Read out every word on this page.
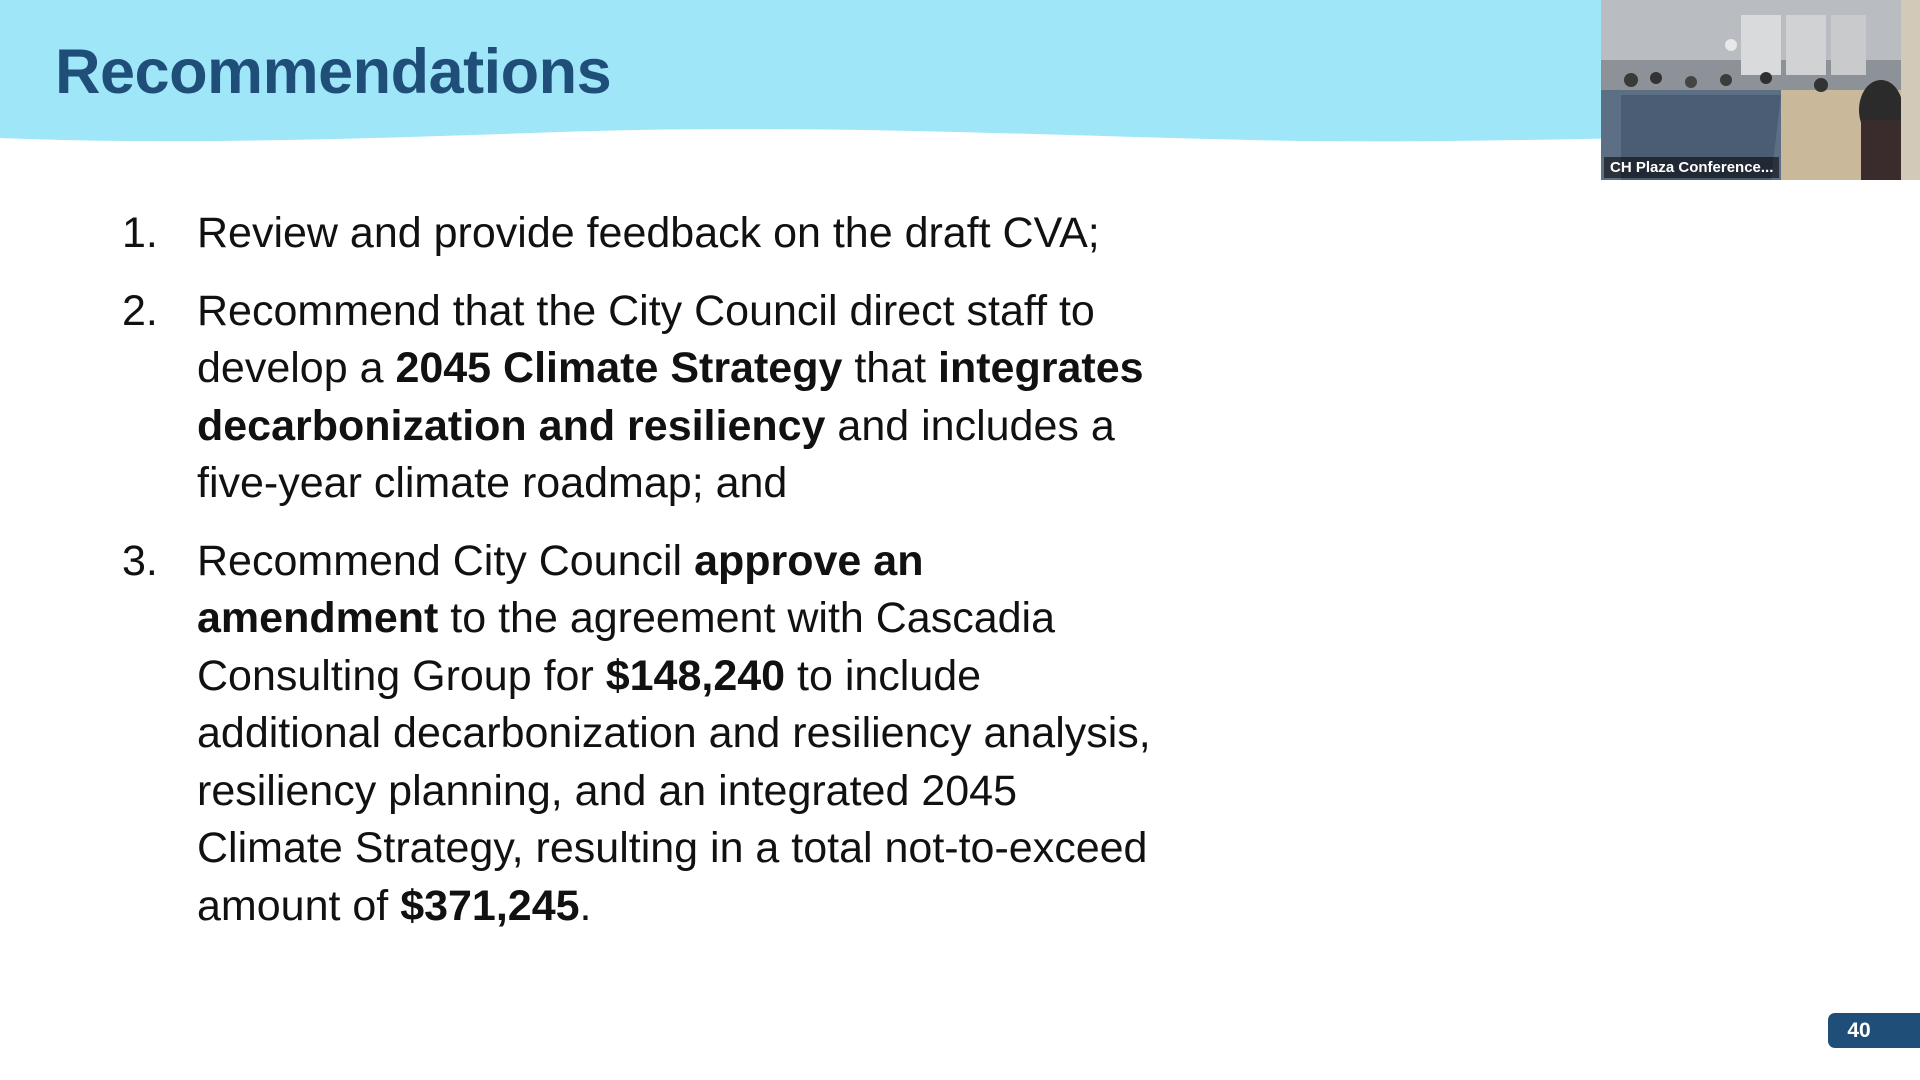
Recommendations
1. Review and provide feedback on the draft CVA;
2. Recommend that the City Council direct staff to develop a 2045 Climate Strategy that integrates decarbonization and resiliency and includes a five-year climate roadmap; and
3. Recommend City Council approve an amendment to the agreement with Cascadia Consulting Group for $148,240 to include additional decarbonization and resiliency analysis, resiliency planning, and an integrated 2045 Climate Strategy, resulting in a total not-to-exceed amount of $371,245.
CH Plaza Conference...
40
